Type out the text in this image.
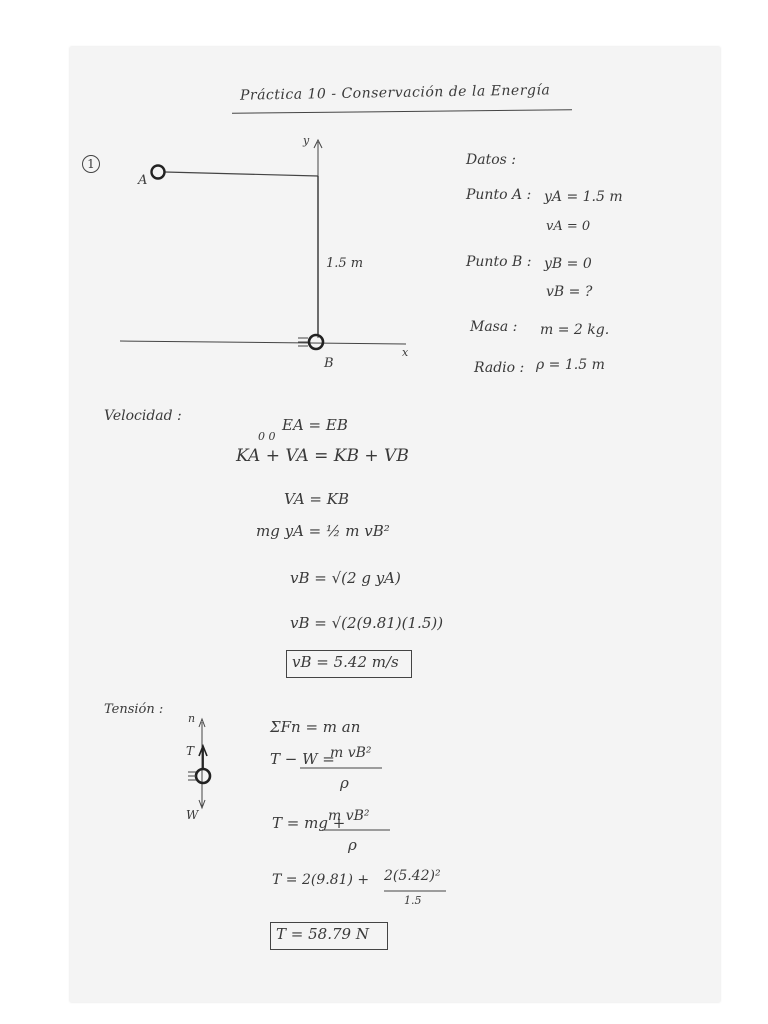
Práctica 10 - Conservación de la Energía
1
A
B
y
x
1.5 m
Datos :
Punto A : yA = 1.5 m
vA = 0
Punto B : yB = 0
vB = ?
Masa : m = 2 kg.
Radio : ρ = 1.5 m
Velocidad :	EA = EB
0 0
KA + VA = KB + VB
VA = KB
mg yA = ½ m vB²
vB = √(2 g yA)
vB = √(2(9.81)(1.5))
vB = 5.42 m/s
Tensión :
n
T
W
ΣFn = m an
T − W =
m vB²
ρ
T = mg +
m vB²
ρ
T = 2(9.81) + 2(5.42)²
1.5
T = 58.79 N
